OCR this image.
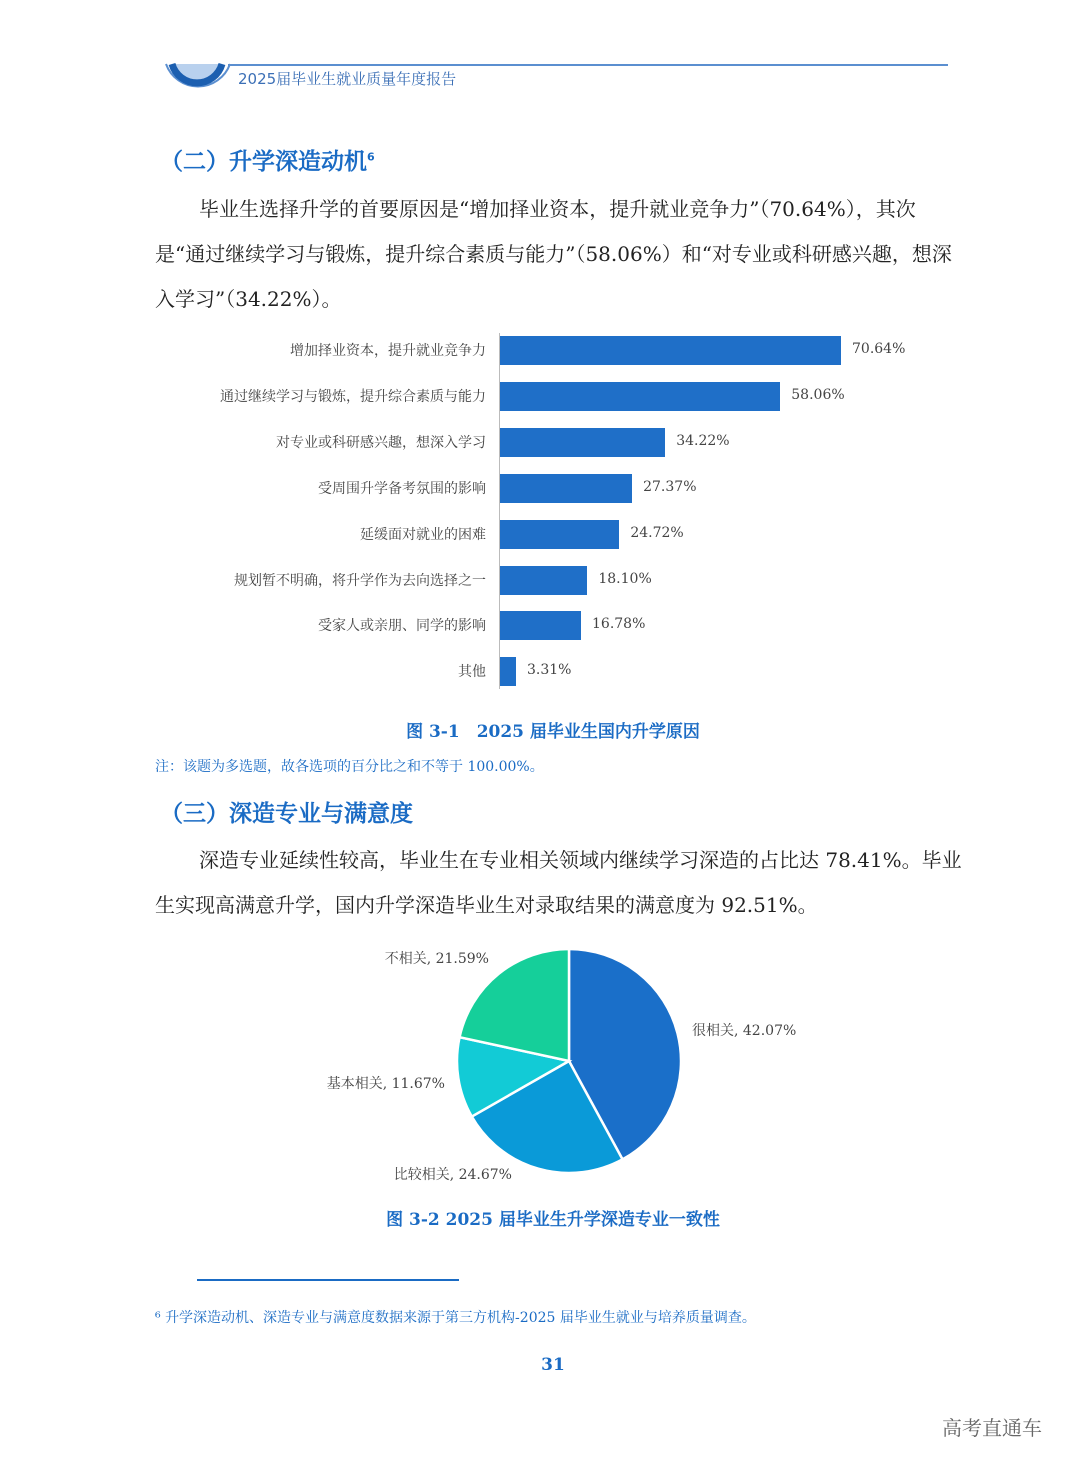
2025届毕业生就业质量年度报告
（二）升学深造动机$^6$

毕业生选择升学的首要原因是“增加择业资本，提升就业竞争力”（70.64%），其次是“通过继续学习与锻炼，提升综合素质与能力”（58.06%）和“对专业或科研感兴趣，想深入学习”（34.22%）。

增加择业资本，提升就业竞争力	70.64%
通过继续学习与锻炼，提升综合素质与能力	58.06%
对专业或科研感兴趣，想深入学习	34.22%
受周围升学备考氛围的影响	27.37%
延缓面对就业的困难	24.72%
规划暂不明确，将升学作为去向选择之一	18.10%
受家人或亲朋、同学的影响	16.78%
其他	3.31%
图 3-1　2025 届毕业生国内升学原因
注：该题为多选题，故各选项的百分比之和不等于 100.00%。
（三）深造专业与满意度

深造专业延续性较高，毕业生在专业相关领域内继续学习深造的占比达 78.41%。毕业生实现高满意升学，国内升学深造毕业生对录取结果的满意度为 92.51%。

很相关, 42.07%
比较相关, 24.67%
基本相关, 11.67%
不相关, 21.59%
图 3-2 2025 届毕业生升学深造专业一致性
⁶ 升学深造动机、深造专业与满意度数据来源于第三方机构-2025 届毕业生就业与培养质量调查。
31
高考直通车
